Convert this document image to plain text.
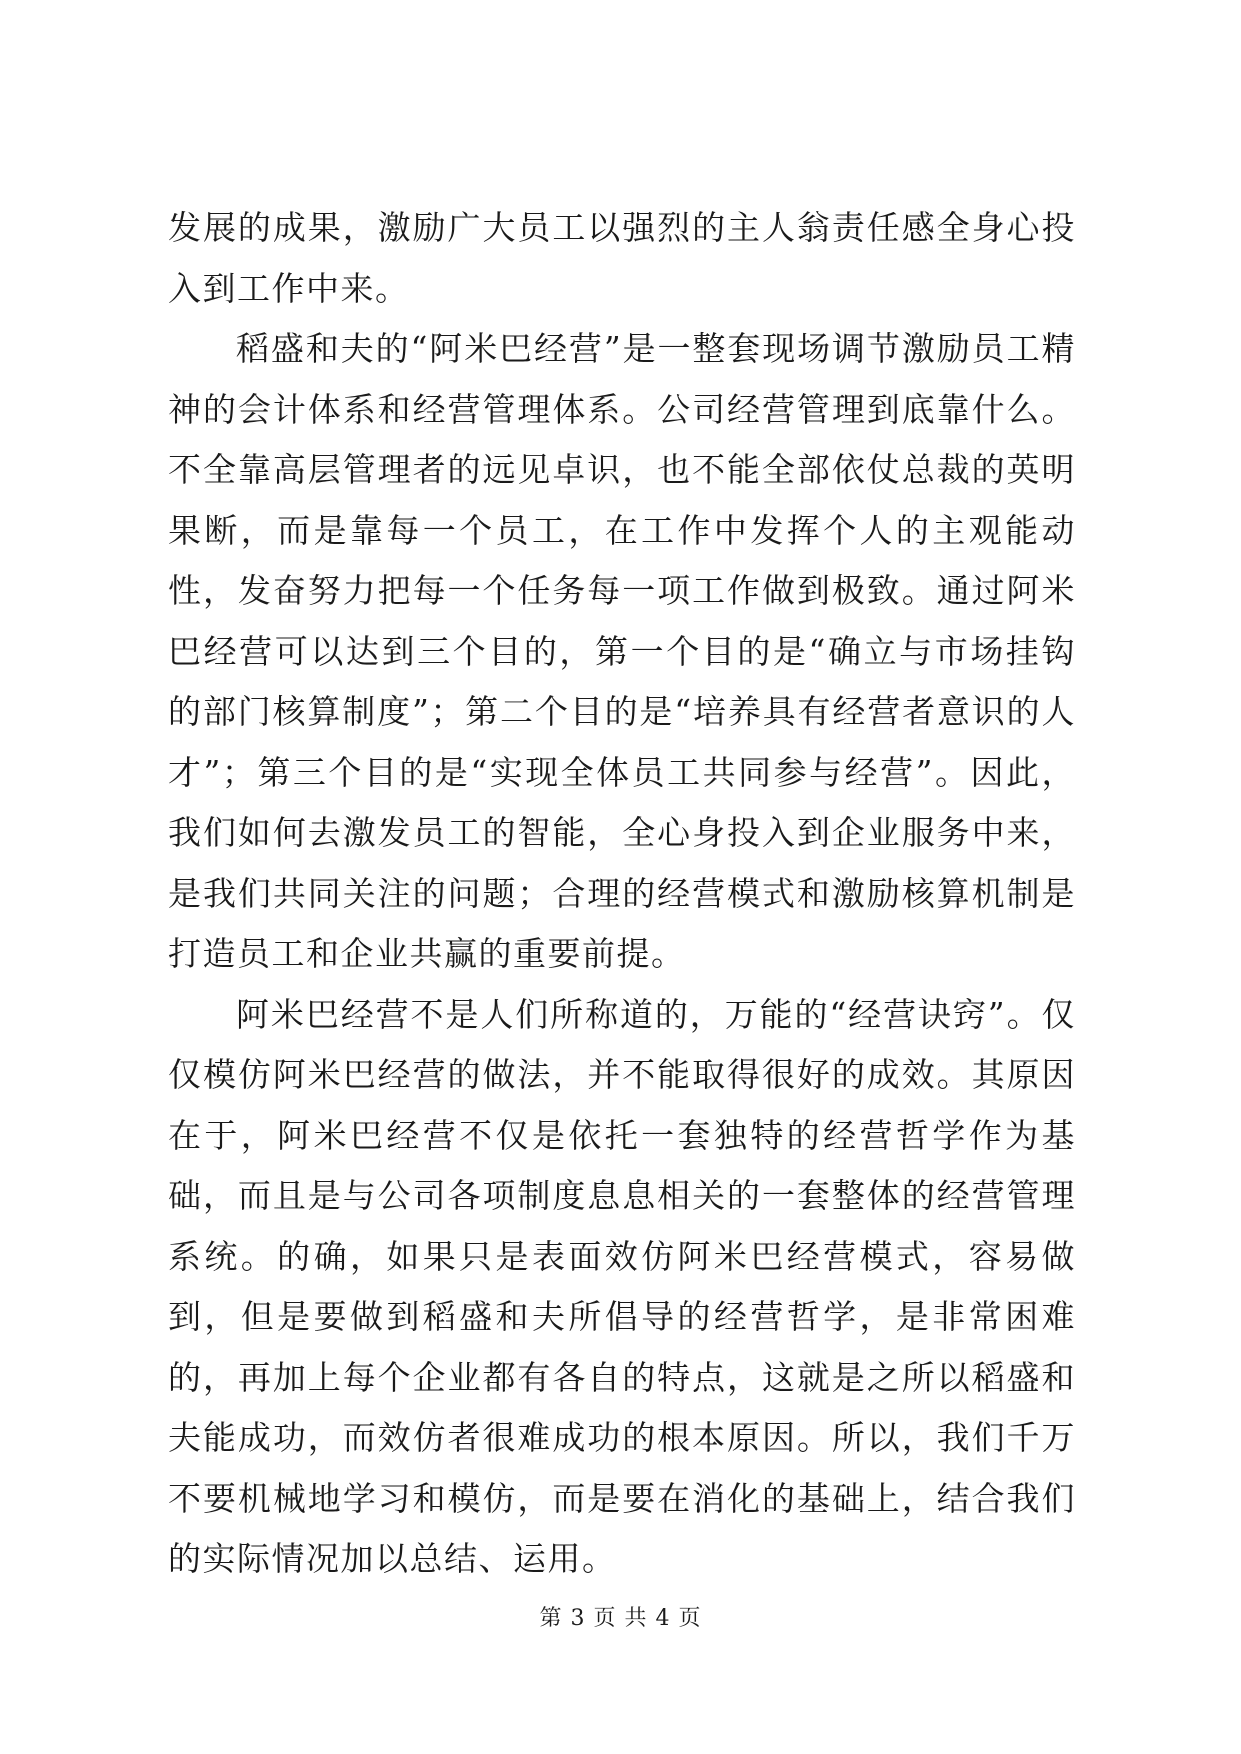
发展的成果，激励广大员工以强烈的主人翁责任感全身心投入到工作中来。

稻盛和夫的“阿米巴经营”是一整套现场调节激励员工精神的会计体系和经营管理体系。公司经营管理到底靠什么。不全靠高层管理者的远见卓识，也不能全部依仗总裁的英明果断，而是靠每一个员工，在工作中发挥个人的主观能动性，发奋努力把每一个任务每一项工作做到极致。通过阿米巴经营可以达到三个目的，第一个目的是“确立与市场挂钩的部门核算制度”；第二个目的是“培养具有经营者意识的人才”；第三个目的是“实现全体员工共同参与经营”。因此，我们如何去激发员工的智能，全心身投入到企业服务中来，是我们共同关注的问题；合理的经营模式和激励核算机制是打造员工和企业共赢的重要前提。

阿米巴经营不是人们所称道的，万能的“经营诀窍”。仅仅模仿阿米巴经营的做法，并不能取得很好的成效。其原因在于，阿米巴经营不仅是依托一套独特的经营哲学作为基础，而且是与公司各项制度息息相关的一套整体的经营管理系统。的确，如果只是表面效仿阿米巴经营模式，容易做到，但是要做到稻盛和夫所倡导的经营哲学，是非常困难的，再加上每个企业都有各自的特点，这就是之所以稻盛和夫能成功，而效仿者很难成功的根本原因。所以，我们千万不要机械地学习和模仿，而是要在消化的基础上，结合我们的实际情况加以总结、运用。

第 3 页 共 4 页
